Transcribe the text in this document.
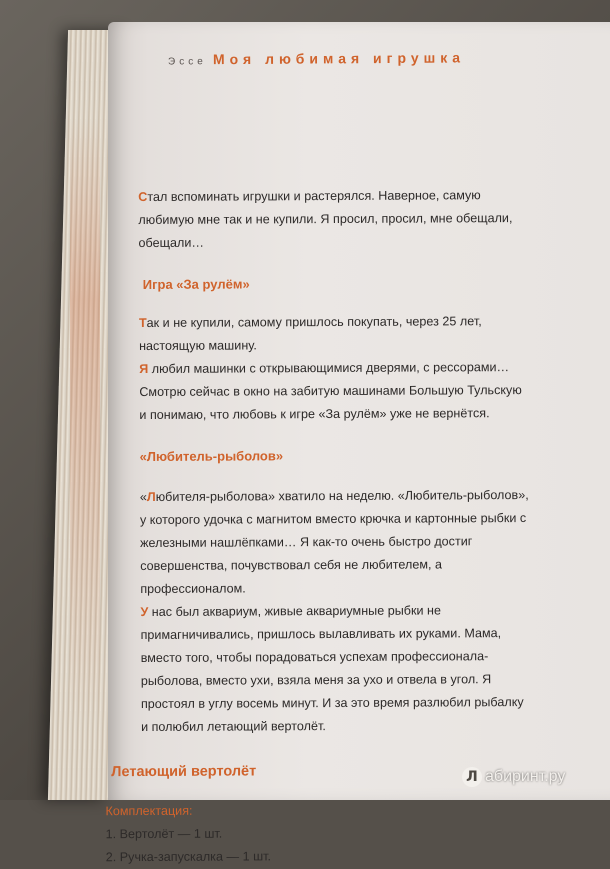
Эссе Моя любимая игрушка

Стал вспоминать игрушки и растерялся. Наверное, самую любимую мне так и не купили. Я просил, просил, мне обещали, обещали…

Игра «За рулём»

Так и не купили, самому пришлось покупать, через 25 лет, настоящую машину.

Я любил машинки с открывающимися дверями, с рессорами… Смотрю сейчас в окно на забитую машинами Большую Тульскую и понимаю, что любовь к игре «За рулём» уже не вернётся.

«Любитель-рыболов»

«Любителя-рыболова» хватило на неделю. «Любитель-рыболов», у которого удочка с магнитом вместо крючка и картонные рыбки с железными нашлёпками… Я как-то очень быстро достиг совершенства, почувствовал себя не любителем, а профессионалом.

У нас был аквариум, живые аквариумные рыбки не примагничивались, пришлось вылавливать их руками. Мама, вместо того, чтобы порадоваться успехам профессионала-рыболова, вместо ухи, взяла меня за ухо и отвела в угол. Я простоял в углу восемь минут. И за это время разлюбил рыбалку и полюбил летающий вертолёт.

Летающий вертолёт

Комплектация:

1. Вертолёт — 1 шт.

2. Ручка-запускалка — 1 шт.

Л абиринт.ру
